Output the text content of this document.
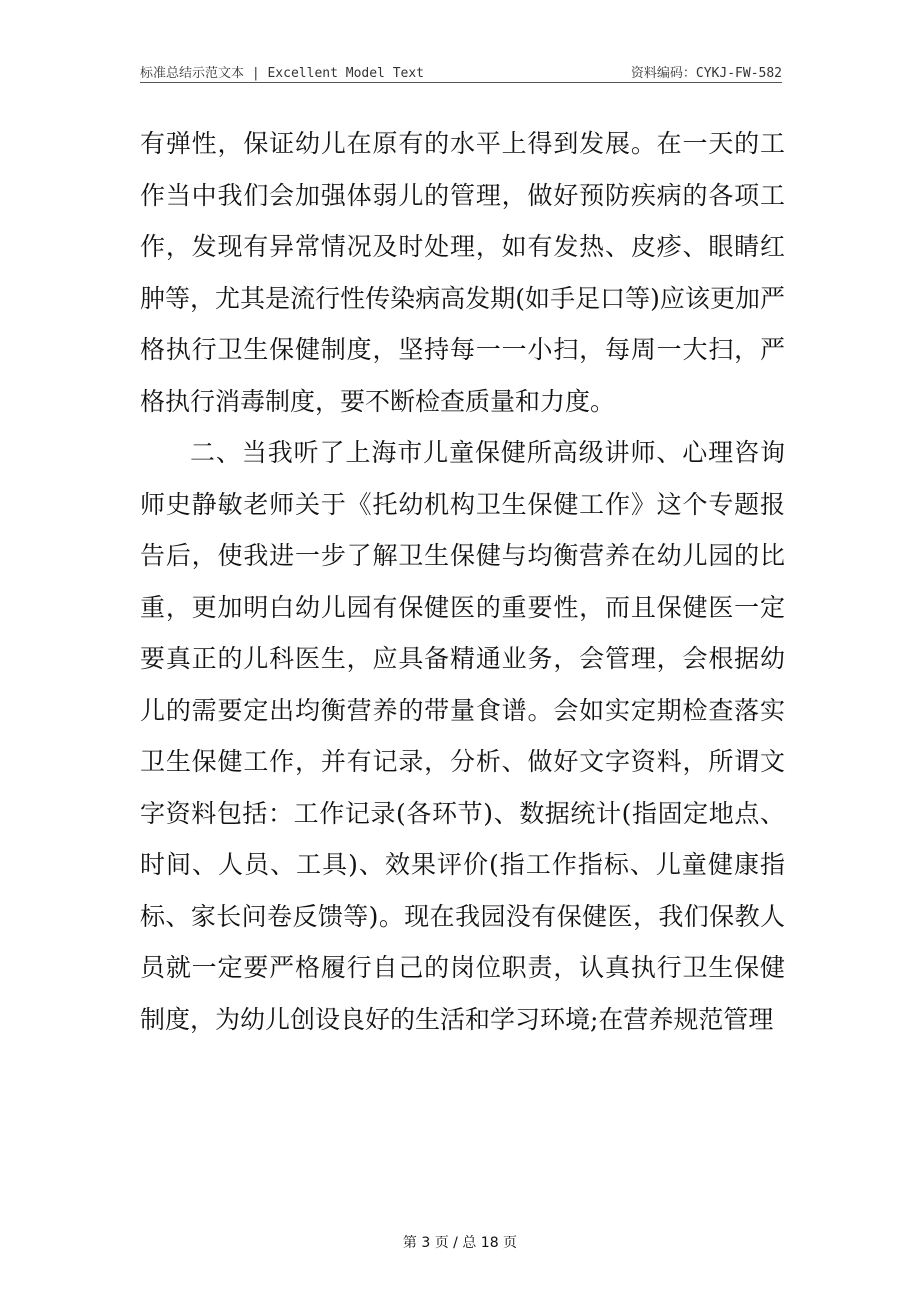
标准总结示范文本 | Excellent Model Text	资料编码：CYKJ-FW-582

有弹性，保证幼儿在原有的水平上得到发展。在一天的工作当中我们会加强体弱儿的管理，做好预防疾病的各项工作，发现有异常情况及时处理，如有发热、皮疹、眼睛红肿等，尤其是流行性传染病高发期(如手足口等)应该更加严格执行卫生保健制度，坚持每一一小扫，每周一大扫，严格执行消毒制度，要不断检查质量和力度。

二、当我听了上海市儿童保健所高级讲师、心理咨询师史静敏老师关于《托幼机构卫生保健工作》这个专题报告后，使我进一步了解卫生保健与均衡营养在幼儿园的比重，更加明白幼儿园有保健医的重要性，而且保健医一定要真正的儿科医生，应具备精通业务，会管理，会根据幼儿的需要定出均衡营养的带量食谱。会如实定期检查落实卫生保健工作，并有记录，分析、做好文字资料，所谓文字资料包括：工作记录(各环节)、数据统计(指固定地点、时间、人员、工具)、效果评价(指工作指标、儿童健康指标、家长问卷反馈等)。现在我园没有保健医，我们保教人员就一定要严格履行自己的岗位职责，认真执行卫生保健制度，为幼儿创设良好的生活和学习环境;在营养规范管理

第 3 页 / 总 18 页
